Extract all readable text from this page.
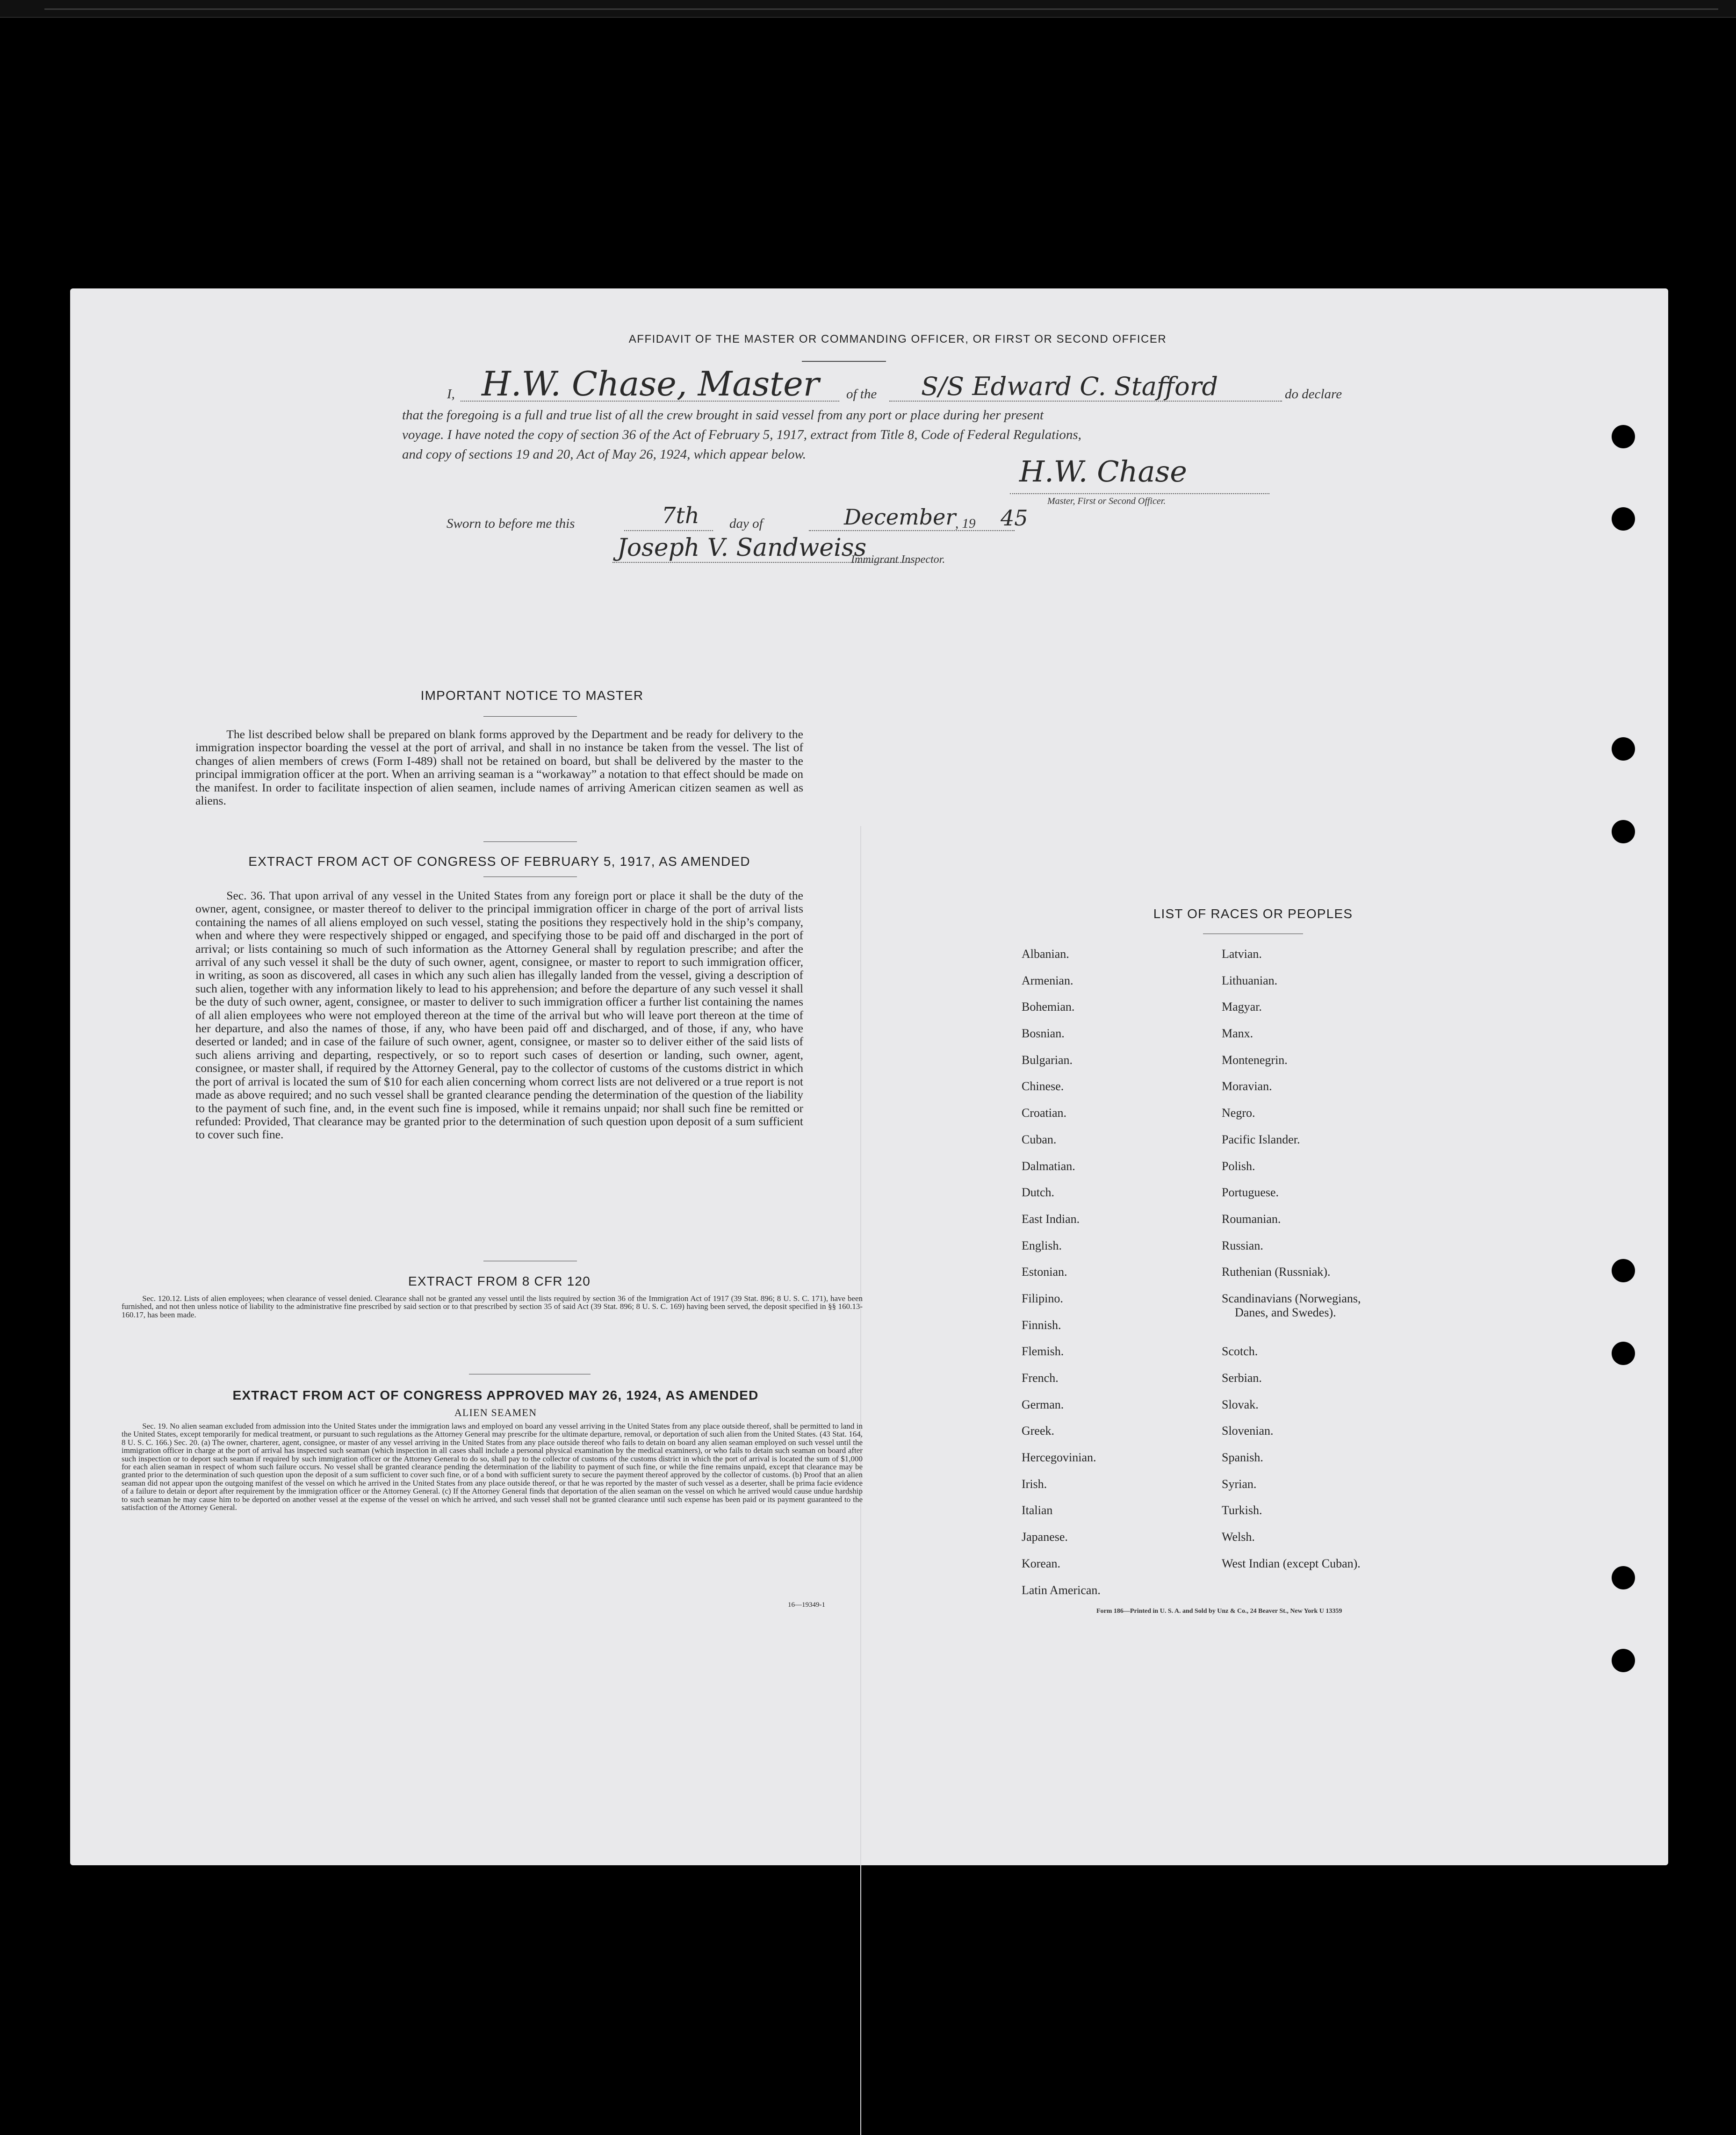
AFFIDAVIT OF THE MASTER OR COMMANDING OFFICER, OR FIRST OR SECOND OFFICER
I, H.W. Chase, Master of the S/S Edward C. Stafford	do declare
that the foregoing is a full and true list of all the crew brought in said vessel from any port or place during her present
voyage. I have noted the copy of section 36 of the Act of February 5, 1917, extract from Title 8, Code of Federal Regulations,
and copy of sections 19 and 20, Act of May 26, 1924, which appear below.	H.W. Chase
Master, First or Second Officer.
Sworn to before me this	7th day of	December
, 19 45
Joseph V. Sandweiss
Immigrant Inspector.
IMPORTANT NOTICE TO MASTER
The list described below shall be prepared on blank forms approved by the Department and be ready for delivery to the immigration inspector boarding the vessel at the port of arrival, and shall in no instance be taken from the vessel. The list of changes of alien members of crews (Form I-489) shall not be retained on board, but shall be delivered by the master to the principal immigration officer at the port. When an arriving seaman is a “workaway” a notation to that effect should be made on the manifest. In order to facilitate inspection of alien seamen, include names of arriving American citizen seamen as well as aliens.
EXTRACT FROM ACT OF CONGRESS OF FEBRUARY 5, 1917, AS AMENDED
Sec. 36. That upon arrival of any vessel in the United States from any foreign port or place it shall be the duty of the owner, agent, consignee, or master thereof to deliver to the principal immigration officer in charge of the port of arrival lists containing the names of all aliens employed on such vessel, stating the positions they respectively hold in the ship’s company, when and where they were respectively shipped or engaged, and specifying those to be paid off and discharged in the port of arrival; or lists containing so much of such information as the Attorney General shall by regulation prescribe; and after the arrival of any such vessel it shall be the duty of such owner, agent, consignee, or master to report to such immigration officer, in writing, as soon as discovered, all cases in which any such alien has illegally landed from the vessel, giving a description of such alien, together with any information likely to lead to his apprehension; and before the departure of any such vessel it shall be the duty of such owner, agent, consignee, or master to deliver to such immigration officer a further list containing the names of all alien employees who were not employed thereon at the time of the arrival but who will leave port thereon at the time of her departure, and also the names of those, if any, who have been paid off and discharged, and of those, if any, who have deserted or landed; and in case of the failure of such owner, agent, consignee, or master so to deliver either of the said lists of such aliens arriving and departing, respectively, or so to report such cases of desertion or landing, such owner, agent, consignee, or master shall, if required by the Attorney General, pay to the collector of customs of the customs district in which the port of arrival is located the sum of $10 for each alien concerning whom correct lists are not delivered or a true report is not made as above required; and no such vessel shall be granted clearance pending the determination of the question of the liability to the payment of such fine, and, in the event such fine is imposed, while it remains unpaid; nor shall such fine be remitted or refunded: Provided, That clearance may be granted prior to the determination of such question upon deposit of a sum sufficient to cover such fine.
EXTRACT FROM 8 CFR 120
Sec. 120.12. Lists of alien employees; when clearance of vessel denied. Clearance shall not be granted any vessel until the lists required by section 36 of the Immigration Act of 1917 (39 Stat. 896; 8 U. S. C. 171), have been furnished, and not then unless notice of liability to the administrative fine prescribed by said section or to that prescribed by section 35 of said Act (39 Stat. 896; 8 U. S. C. 169) having been served, the deposit specified in §§ 160.13-160.17, has been made.
EXTRACT FROM ACT OF CONGRESS APPROVED MAY 26, 1924, AS AMENDED
ALIEN SEAMEN
Sec. 19. No alien seaman excluded from admission into the United States under the immigration laws and employed on board any vessel arriving in the United States from any place outside thereof, shall be permitted to land in the United States, except temporarily for medical treatment, or pursuant to such regulations as the Attorney General may prescribe for the ultimate departure, removal, or deportation of such alien from the United States. (43 Stat. 164, 8 U. S. C. 166.) Sec. 20. (a) The owner, charterer, agent, consignee, or master of any vessel arriving in the United States from any place outside thereof who fails to detain on board any alien seaman employed on such vessel until the immigration officer in charge at the port of arrival has inspected such seaman (which inspection in all cases shall include a personal physical examination by the medical examiners), or who fails to detain such seaman on board after such inspection or to deport such seaman if required by such immigration officer or the Attorney General to do so, shall pay to the collector of customs of the customs district in which the port of arrival is located the sum of $1,000 for each alien seaman in respect of whom such failure occurs. No vessel shall be granted clearance pending the determination of the liability to payment of such fine, or while the fine remains unpaid, except that clearance may be granted prior to the determination of such question upon the deposit of a sum sufficient to cover such fine, or of a bond with sufficient surety to secure the payment thereof approved by the collector of customs. (b) Proof that an alien seaman did not appear upon the outgoing manifest of the vessel on which he arrived in the United States from any place outside thereof, or that he was reported by the master of such vessel as a deserter, shall be prima facie evidence of a failure to detain or deport after requirement by the immigration officer or the Attorney General. (c) If the Attorney General finds that deportation of the alien seaman on the vessel on which he arrived would cause undue hardship to such seaman he may cause him to be deported on another vessel at the expense of the vessel on which he arrived, and such vessel shall not be granted clearance until such expense has been paid or its payment guaranteed to the satisfaction of the Attorney General.
16—19349-1
LIST OF RACES OR PEOPLES
Albanian.
Armenian.
Bohemian.
Bosnian.
Bulgarian.
Chinese.
Croatian.
Cuban.
Dalmatian.
Dutch.
East Indian.
English.
Estonian.
Filipino.
Finnish.
Flemish.
French.
German.
Greek.
Hercegovinian.
Irish.
Italian
Japanese.
Korean.
Latin American.
Latvian.
Lithuanian.
Magyar.
Manx.
Montenegrin.
Moravian.
Negro.
Pacific Islander.
Polish.
Portuguese.
Roumanian.
Russian.
Ruthenian (Russniak).
Scandinavians (Norwegians,
Danes, and Swedes).
Scotch.
Serbian.
Slovak.
Slovenian.
Spanish.
Syrian.
Turkish.
Welsh.
West Indian (except Cuban).
Form 186—Printed in U. S. A. and Sold by Unz & Co., 24 Beaver St., New York U 13359
